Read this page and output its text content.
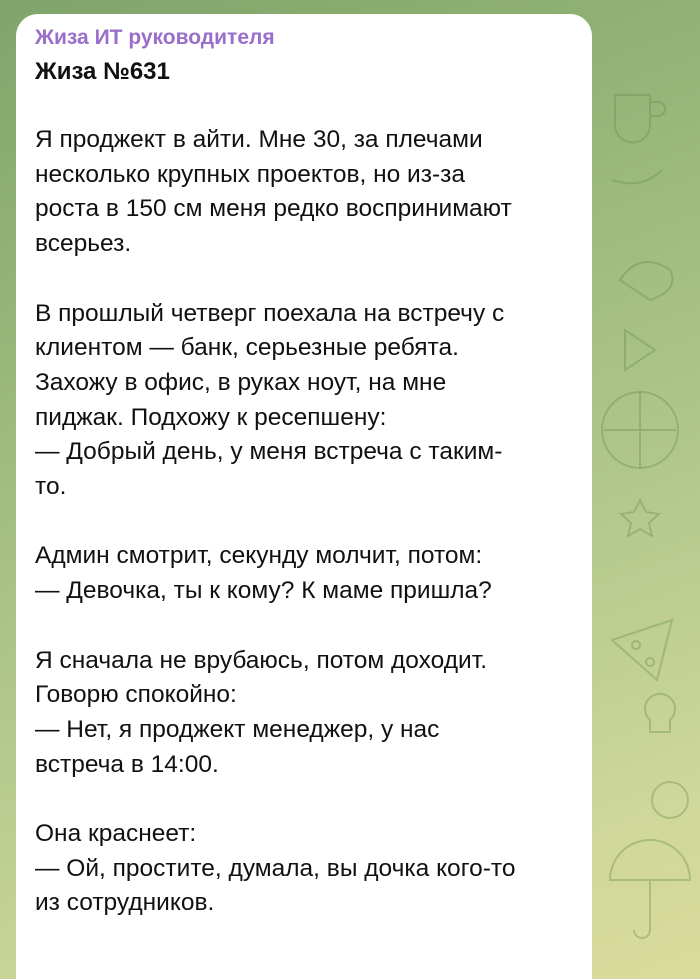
Жиза ИТ руководителя
Жиза №631

Я проджект в айти. Мне 30, за плечами
несколько крупных проектов, но из-за
роста в 150 см меня редко воспринимают
всерьез.

В прошлый четверг поехала на встречу с
клиентом — банк, серьезные ребята.
Захожу в офис, в руках ноут, на мне
пиджак. Подхожу к ресепшену:
— Добрый день, у меня встреча с таким-
то.

Админ смотрит, секунду молчит, потом:
— Девочка, ты к кому? К маме пришла?

Я сначала не врубаюсь, потом доходит.
Говорю спокойно:
— Нет, я проджект менеджер, у нас
встреча в 14:00.

Она краснеет:
— Ой, простите, думала, вы дочка кого-то
из сотрудников.
